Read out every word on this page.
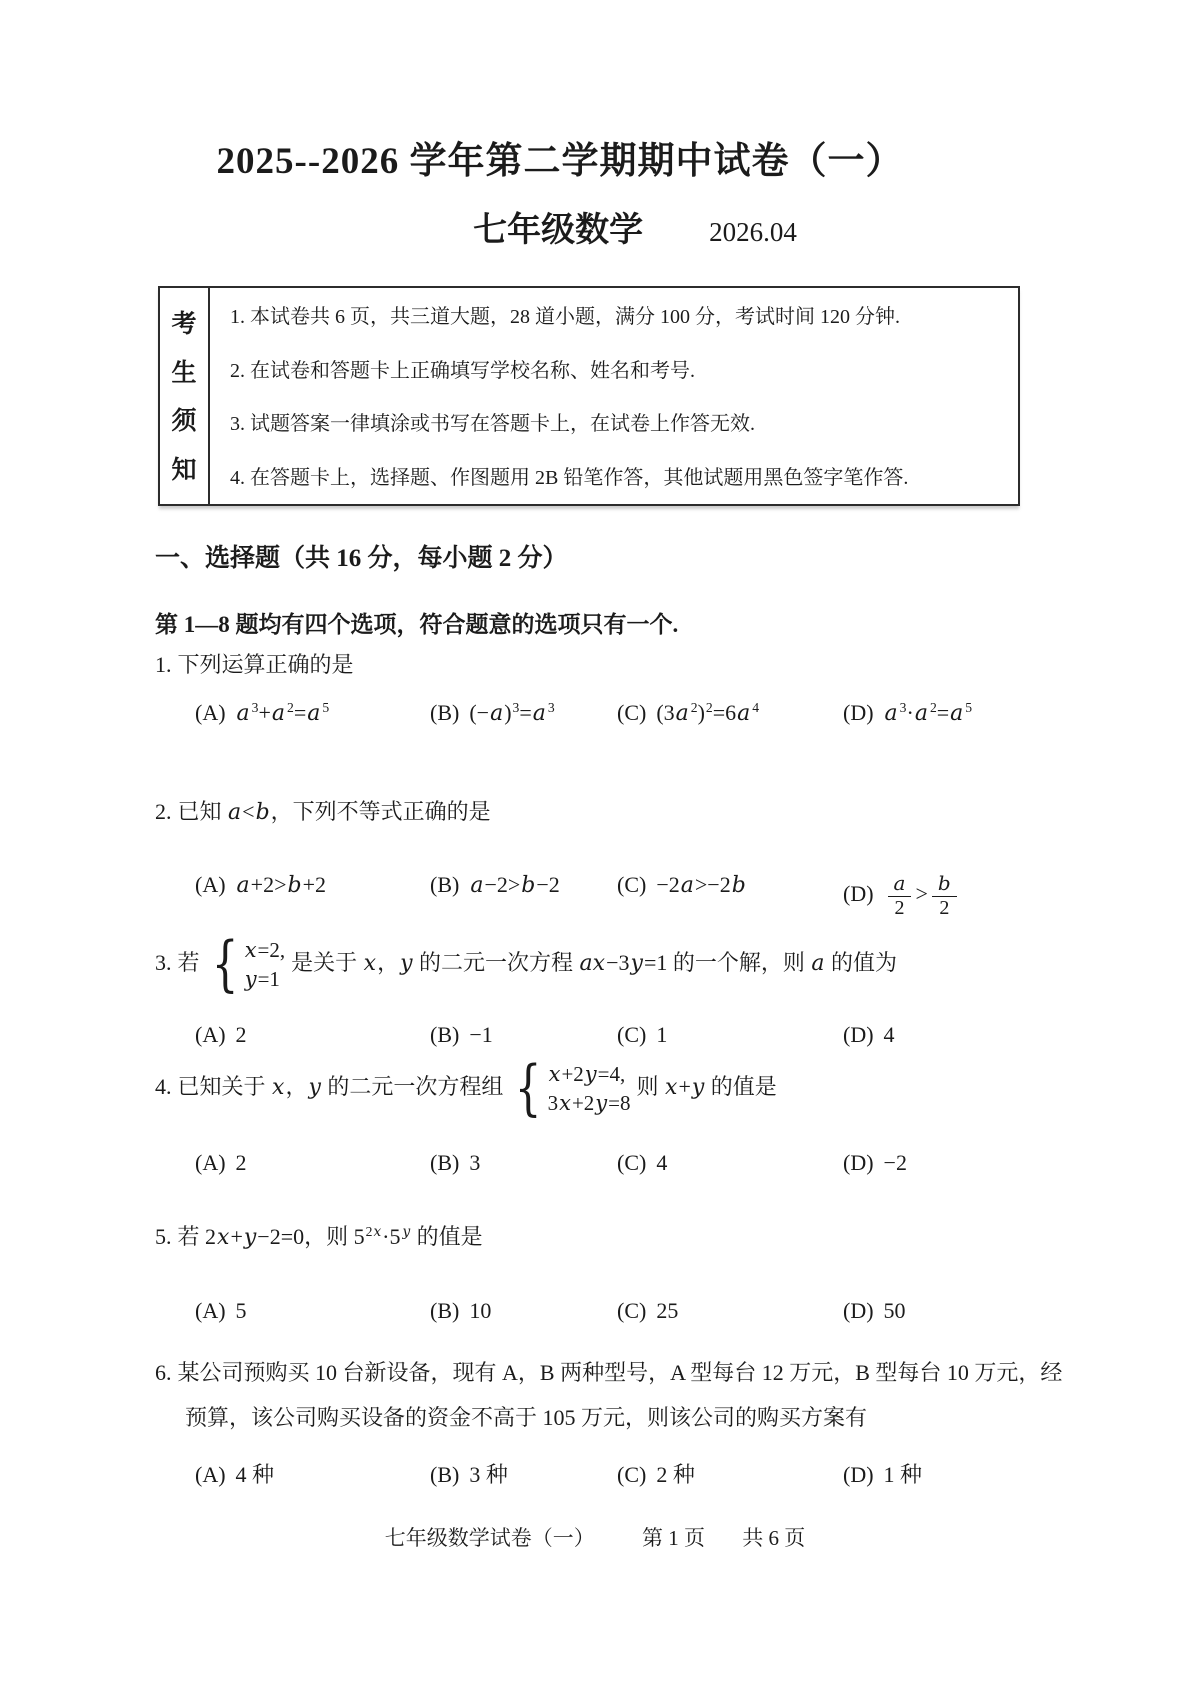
2025--2026 学年第二学期期中试卷（一）
七年级数学 2026.04
考
生
须
知
1. 本试卷共 6 页，共三道大题，28 道小题，满分 100 分，考试时间 120 分钟.
2. 在试卷和答题卡上正确填写学校名称、姓名和考号.
3. 试题答案一律填涂或书写在答题卡上，在试卷上作答无效.
4. 在答题卡上，选择题、作图题用 2B 铅笔作答，其他试题用黑色签字笔作答.
一、选择题（共 16 分，每小题 2 分）
第 1—8 题均有四个选项，符合题意的选项只有一个.
1. 下列运算正确的是
(A) a $^3$+a $^2$=a $^5$	(B) $(-a)^3=a$ $^3$	(C) (3a $^2$)$^2$=6a $^4$	(D) a $^3$·a $^2$=a $^5$
2. 已知 a<b，下列不等式正确的是
(A) a+2>b+2	(B) a−2>b−2	(C) −2a>−2b	$(D) \frac{a}{2} > \frac{b}{2}$
3. 若 { x=2,
y=1
是关于 x，y 的二元一次方程 ax−3y=1 的一个解，则 a 的值为
(A) 2	(B) −1	(C) 1	(D) 4
4. 已知关于 x，y 的二元一次方程组 { x+2y=4,
3x+2y=8
则 x+y 的值是
(A) 2	(B) 3	(C) 4	(D) −2
5. 若 2x+y−2=0，则 $5^{2x}\cdot 5$ $^y$ 的值是
(A) 5	(B) 10	(C) 25	(D) 50
6. 某公司预购买 10 台新设备，现有 A，B 两种型号，A 型每台 12 万元，B 型每台 10 万元，经预算，该公司购买设备的资金不高于 105 万元，则该公司的购买方案有
(A) 4 种	(B) 3 种	(C) 2 种	(D) 1 种
七年级数学试卷（一） 第 1 页 共 6 页
